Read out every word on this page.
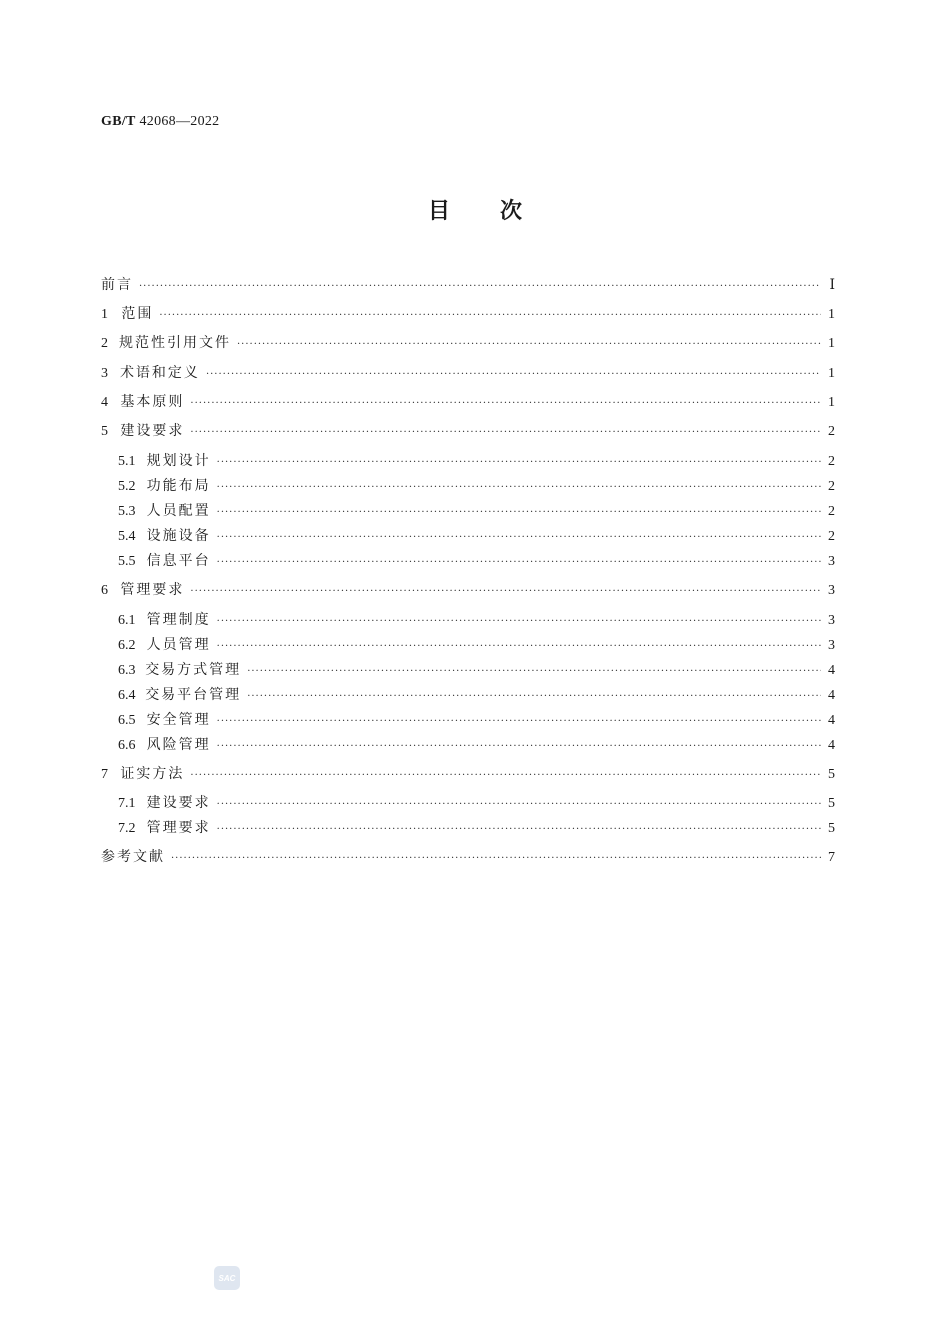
GB/T 42068—2022
目次
前言 ·····	Ⅰ
1 范围 ·····	1
2 规范性引用文件 ·····	1
3 术语和定义 ·····	1
4 基本原则 ·····	1
5 建设要求 ·····	2
5.1 规划设计 ·····	2
5.2 功能布局 ·····	2
5.3 人员配置 ·····	2
5.4 设施设备 ·····	2
5.5 信息平台 ·····	3
6 管理要求 ·····	3
6.1 管理制度 ·····	3
6.2 人员管理 ·····	3
6.3 交易方式管理 ·····	4
6.4 交易平台管理 ·····	4
6.5 安全管理 ·····	4
6.6 风险管理 ·····	4
7 证实方法 ·····	5
7.1 建设要求 ·····	5
7.2 管理要求 ·····	5
参考文献 ·····	7
SAC
